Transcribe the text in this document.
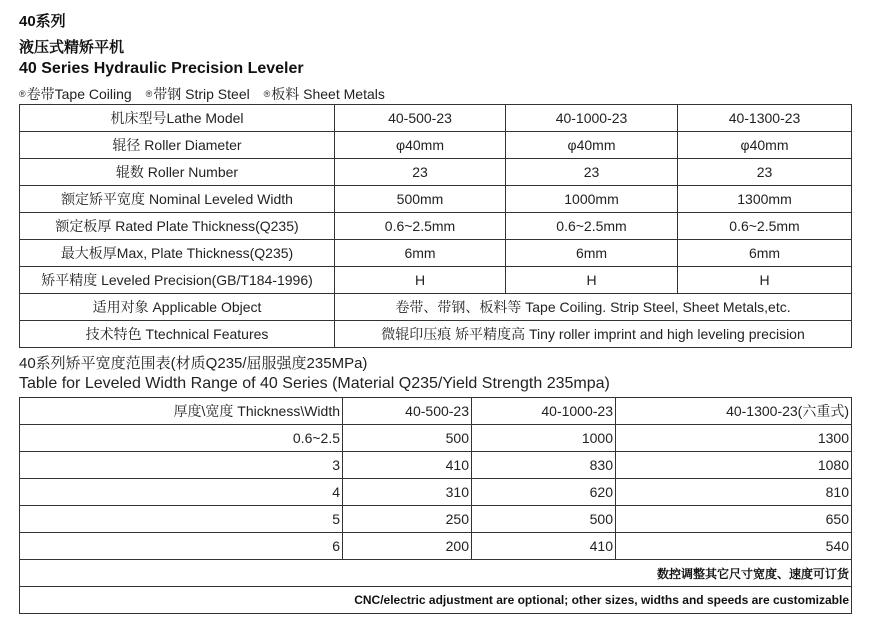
40系列
液压式精矫平机
40 Series Hydraulic Precision Leveler
®卷带Tape Coiling ®带钢 Strip Steel ®板料 Sheet Metals
机床型号Lathe Model	40-500-23	40-1000-23	40-1300-23
辊径 Roller Diameter	φ40mm	φ40mm	φ40mm
辊数 Roller Number	23	23	23
额定矫平宽度 Nominal Leveled Width	500mm	1000mm	1300mm
额定板厚 Rated Plate Thickness(Q235)	0.6~2.5mm	0.6~2.5mm	0.6~2.5mm
最大板厚Max, Plate Thickness(Q235)	6mm	6mm	6mm
矫平精度 Leveled Precision(GB/T184-1996)	H	H	H
适用对象 Applicable Object	卷带、带钢、板料等 Tape Coiling. Strip Steel, Sheet Metals,etc.		
技术特色 Ttechnical Features	微辊印压痕 矫平精度高 Tiny roller imprint and high leveling precision		
40系列矫平宽度范围表(材质Q235/屈服强度235MPa)
Table for Leveled Width Range of 40 Series (Material Q235/Yield Strength 235mpa)
厚度\宽度 Thickness\Width	40-500-23	40-1000-23	40-1300-23(六重式)
0.6~2.5	500	1000	1300
3	410	830	1080
4	310	620	810
5	250	500	650
6	200	410	540
数控调整其它尺寸宽度、速度可订货			
CNC/electric adjustment are optional; other sizes, widths and speeds are customizable			
